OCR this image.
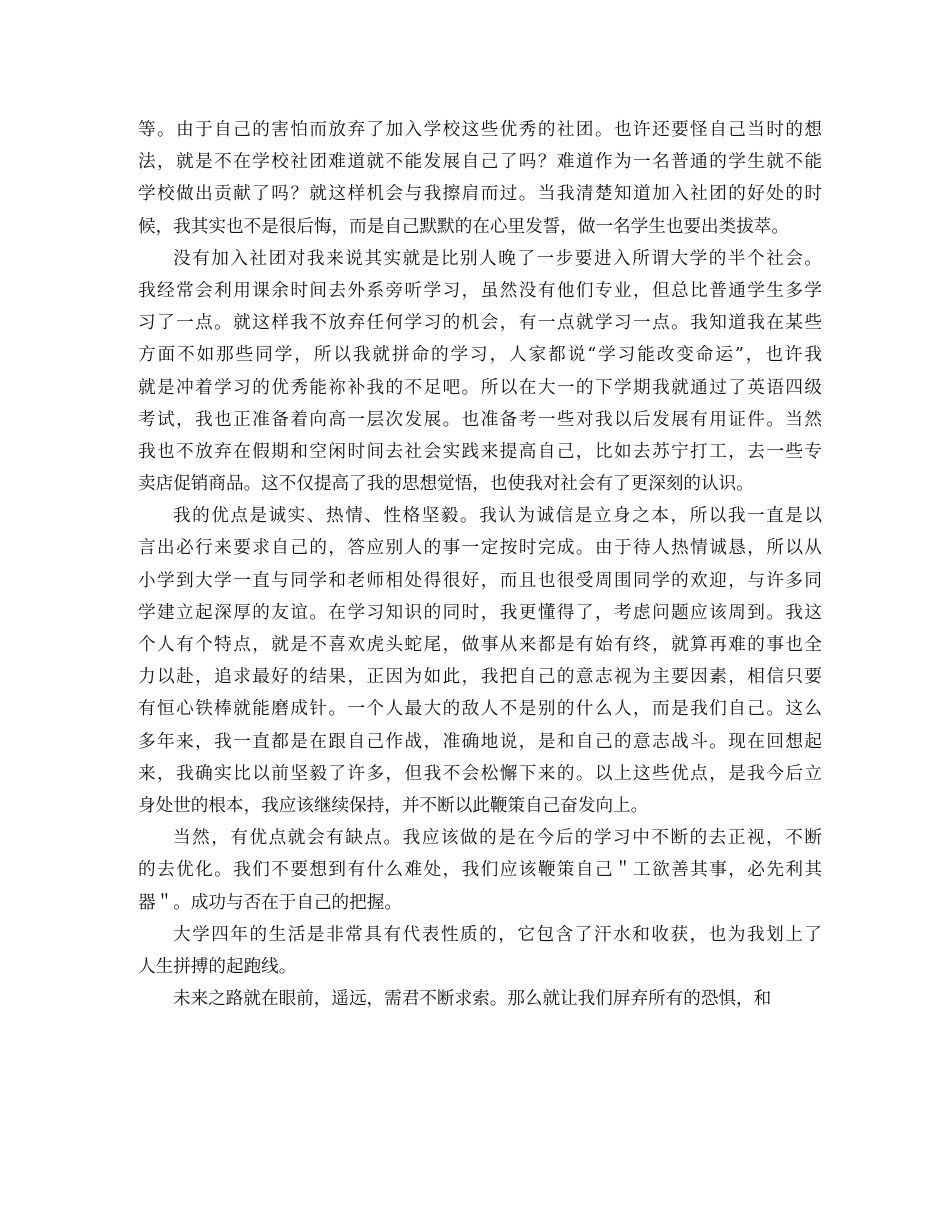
等。由于自己的害怕而放弃了加入学校这些优秀的社团。也许还要怪自己当时的想
法，就是不在学校社团难道就不能发展自己了吗？难道作为一名普通的学生就不能
学校做出贡献了吗？就这样机会与我擦肩而过。当我清楚知道加入社团的好处的时
候，我其实也不是很后悔，而是自己默默的在心里发誓，做一名学生也要出类拔萃。
没有加入社团对我来说其实就是比别人晚了一步要进入所谓大学的半个社会。
我经常会利用课余时间去外系旁听学习，虽然没有他们专业，但总比普通学生多学
习了一点。就这样我不放弃任何学习的机会，有一点就学习一点。我知道我在某些
方面不如那些同学，所以我就拼命的学习，人家都说“学习能改变命运”，也许我
就是冲着学习的优秀能祢补我的不足吧。所以在大一的下学期我就通过了英语四级
考试，我也正准备着向高一层次发展。也准备考一些对我以后发展有用证件。当然
我也不放弃在假期和空闲时间去社会实践来提高自己，比如去苏宁打工，去一些专
卖店促销商品。这不仅提高了我的思想觉悟，也使我对社会有了更深刻的认识。
我的优点是诚实、热情、性格坚毅。我认为诚信是立身之本，所以我一直是以
言出必行来要求自己的，答应别人的事一定按时完成。由于待人热情诚恳，所以从
小学到大学一直与同学和老师相处得很好，而且也很受周围同学的欢迎，与许多同
学建立起深厚的友谊。在学习知识的同时，我更懂得了，考虑问题应该周到。我这
个人有个特点，就是不喜欢虎头蛇尾，做事从来都是有始有终，就算再难的事也全
力以赴，追求最好的结果，正因为如此，我把自己的意志视为主要因素，相信只要
有恒心铁棒就能磨成针。一个人最大的敌人不是别的什么人，而是我们自己。这么
多年来，我一直都是在跟自己作战，准确地说，是和自己的意志战斗。现在回想起
来，我确实比以前坚毅了许多，但我不会松懈下来的。以上这些优点，是我今后立
身处世的根本，我应该继续保持，并不断以此鞭策自己奋发向上。
当然，有优点就会有缺点。我应该做的是在今后的学习中不断的去正视，不断
的去优化。我们不要想到有什么难处，我们应该鞭策自己＂工欲善其事，必先利其
器＂。成功与否在于自己的把握。
大学四年的生活是非常具有代表性质的，它包含了汗水和收获，也为我划上了
人生拼搏的起跑线。
未来之路就在眼前，遥远，需君不断求索。那么就让我们屏弃所有的恐惧，和
